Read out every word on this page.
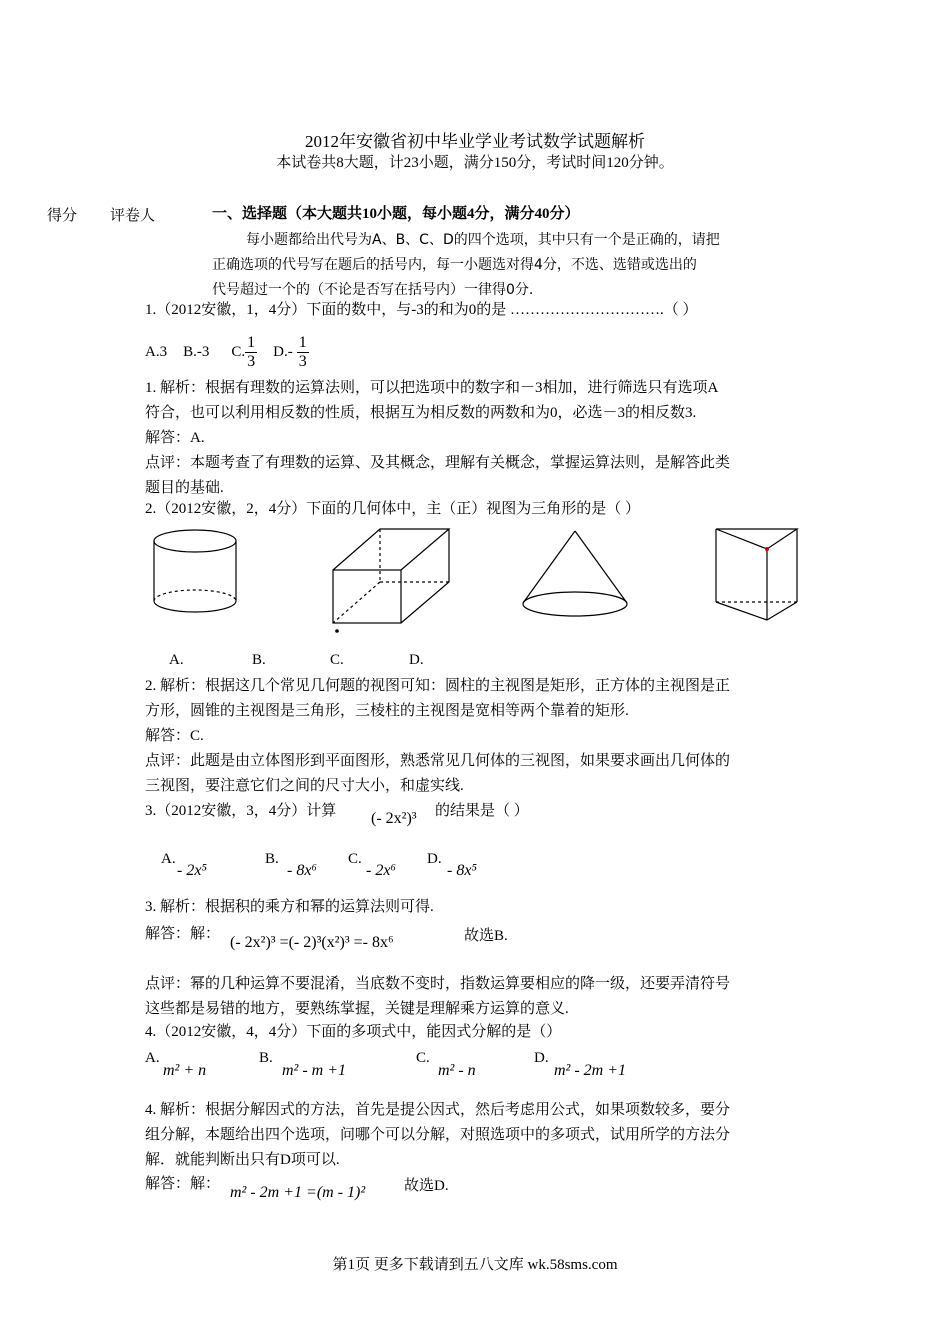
2012年安徽省初中毕业学业考试数学试题解析
本试卷共8大题，计23小题，满分150分，考试时间120分钟。
得分 评卷人	一、选择题（本大题共10小题，每小题4分，满分40分）
每小题都给出代号为A、B、C、D的四个选项，其中只有一个是正确的，请把
正确选项的代号写在题后的括号内，每一小题选对得4分，不选、选错或选出的
代号超过一个的（不论是否写在括号内）一律得0分.
1.（2012安徽，1，4分）下面的数中，与-3的和为0的是 ………………………….（ ）
A.3 B.-3 C. $\frac{1}{3} D.- \frac{1}{3}$
1. 解析：根据有理数的运算法则，可以把选项中的数字和－3相加，进行筛选只有选项A
符合，也可以利用相反数的性质，根据互为相反数的两数和为0，必选－3的相反数3.
解答：A.
点评：本题考查了有理数的运算、及其概念，理解有关概念，掌握运算法则，是解答此类
题目的基础.
2.（2012安徽，2，4分）下面的几何体中，主（正）视图为三角形的是（ ）
A.	B.	C.	D.
2. 解析：根据这几个常见几何题的视图可知：圆柱的主视图是矩形，正方体的主视图是正
方形，圆锥的主视图是三角形，三棱柱的主视图是宽相等两个靠着的矩形.
解答：C.
点评：此题是由立体图形到平面图形，熟悉常见几何体的三视图，如果要求画出几何体的
三视图，要注意它们之间的尺寸大小，和虚实线.
3.（2012安徽，3，4分）计算 (- 2x²)³ 的结果是（ ）
A.
- 2x⁵
B.
- 8x⁶
C.
- 2x⁶
D.
- 8x⁵
3. 解析：根据积的乘方和幂的运算法则可得.
解答：解： (- 2x²)³ =(- 2)³(x²)³ =- 8x⁶	故选B.
点评：幂的几种运算不要混淆，当底数不变时，指数运算要相应的降一级，还要弄清符号
这些都是易错的地方，要熟练掌握，关键是理解乘方运算的意义.
4.（2012安徽，4，4分）下面的多项式中，能因式分解的是（）
A.
m² + n
B.
m² - m +1
C.
m² - n
D.
m² - 2m +1
4. 解析：根据分解因式的方法，首先是提公因式，然后考虑用公式，如果项数较多，要分
组分解，本题给出四个选项，问哪个可以分解，对照选项中的多项式，试用所学的方法分
解．就能判断出只有D项可以.
解答：解： m² - 2m +1 =(m - 1)²	故选D.
第1页 更多下载请到五八文库 wk.58sms.com
